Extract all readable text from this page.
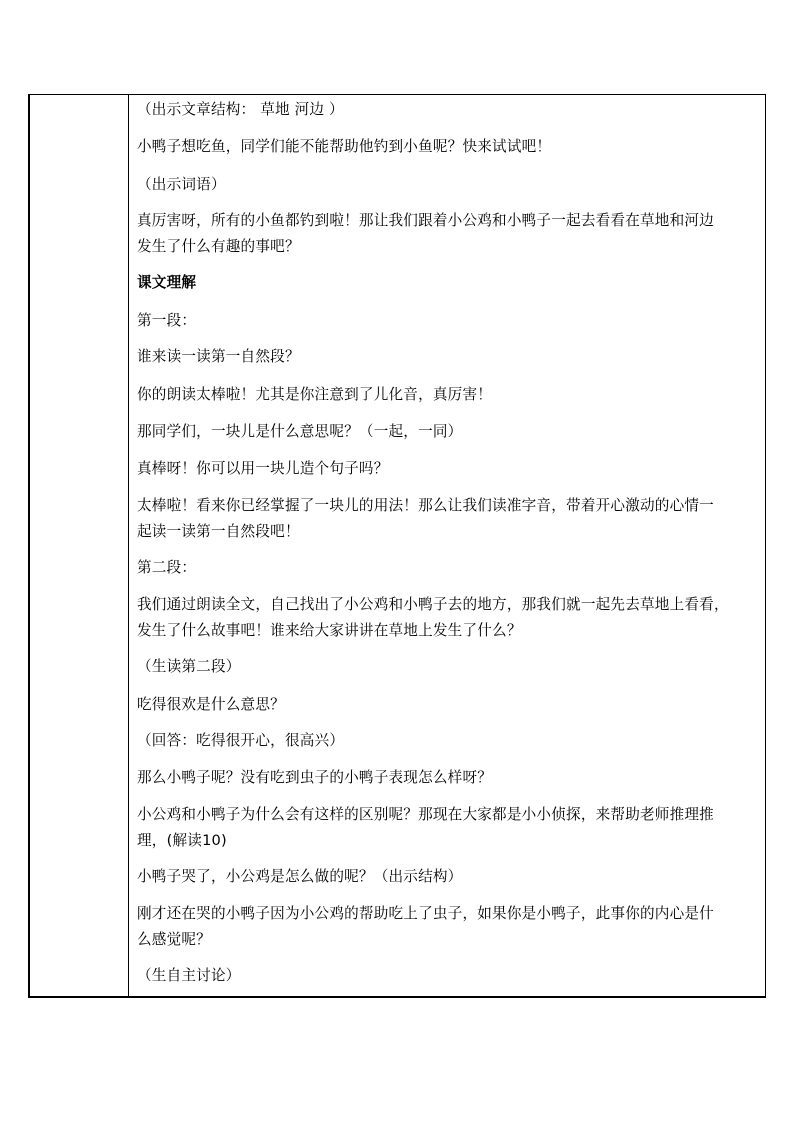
（出示文章结构： 草地 河边 ）

小鸭子想吃鱼，同学们能不能帮助他钓到小鱼呢？快来试试吧！

（出示词语）

真厉害呀，所有的小鱼都钓到啦！那让我们跟着小公鸡和小鸭子一起去看看在草地和河边
发生了什么有趣的事吧？

课文理解

第一段：

谁来读一读第一自然段？

你的朗读太棒啦！尤其是你注意到了儿化音，真厉害！

那同学们，一块儿是什么意思呢？（一起，一同）

真棒呀！你可以用一块儿造个句子吗？

太棒啦！看来你已经掌握了一块儿的用法！那么让我们读准字音，带着开心激动的心情一
起读一读第一自然段吧！

第二段：

我们通过朗读全文，自己找出了小公鸡和小鸭子去的地方，那我们就一起先去草地上看看，
发生了什么故事吧！谁来给大家讲讲在草地上发生了什么？

（生读第二段）

吃得很欢是什么意思？

（回答：吃得很开心，很高兴）

那么小鸭子呢？没有吃到虫子的小鸭子表现怎么样呀？

小公鸡和小鸭子为什么会有这样的区别呢？那现在大家都是小小侦探，来帮助老师推理推
理，(解读10)

小鸭子哭了，小公鸡是怎么做的呢？（出示结构）

刚才还在哭的小鸭子因为小公鸡的帮助吃上了虫子，如果你是小鸭子，此事你的内心是什
么感觉呢？

（生自主讨论）
